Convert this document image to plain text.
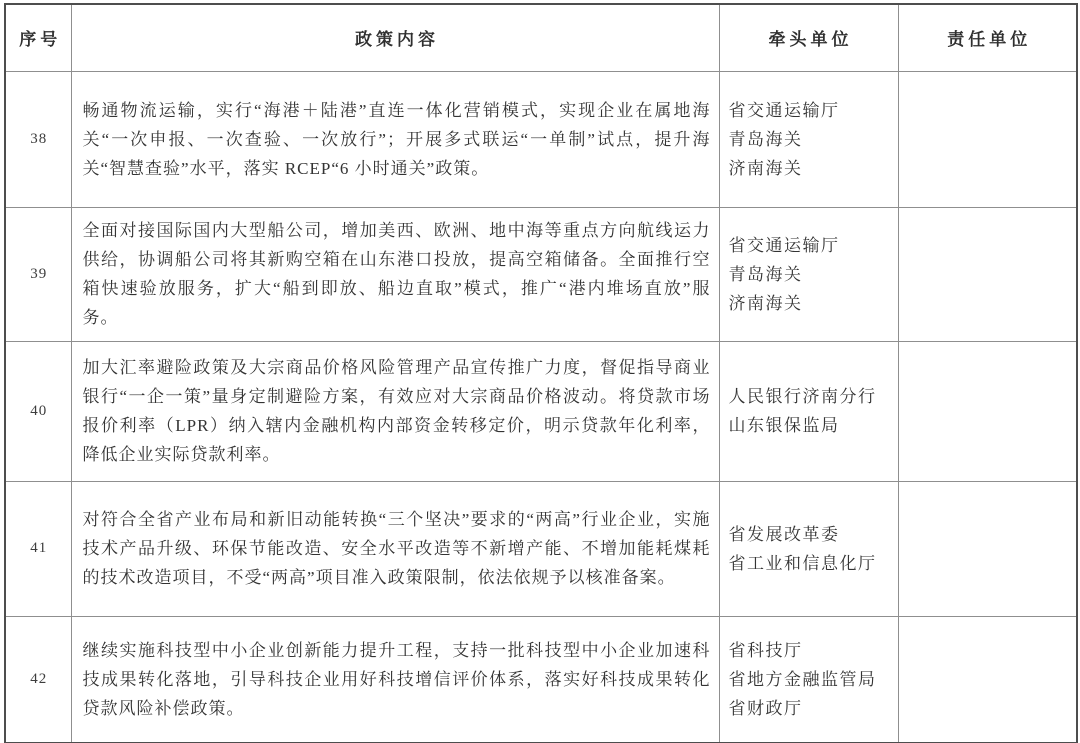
序号	政策内容	牵头单位	责任单位
38	畅通物流运输，实行“海港＋陆港”直连一体化营销模式，实现企业在属地海关“一次申报、一次查验、一次放行”；开展多式联运“一单制”试点，提升海关“智慧查验”水平，落实 RCEP“6 小时通关”政策。	省交通运输厅
青岛海关
济南海关	

39	全面对接国际国内大型船公司，增加美西、欧洲、地中海等重点方向航线运力供给，协调船公司将其新购空箱在山东港口投放，提高空箱储备。全面推行空箱快速验放服务，扩大“船到即放、船边直取”模式，推广“港内堆场直放”服务。	省交通运输厅
青岛海关
济南海关	

40	加大汇率避险政策及大宗商品价格风险管理产品宣传推广力度，督促指导商业银行“一企一策”量身定制避险方案，有效应对大宗商品价格波动。将贷款市场报价利率（LPR）纳入辖内金融机构内部资金转移定价，明示贷款年化利率，降低企业实际贷款利率。	人民银行济南分行
山东银保监局	

41	对符合全省产业布局和新旧动能转换“三个坚决”要求的“两高”行业企业，实施技术产品升级、环保节能改造、安全水平改造等不新增产能、不增加能耗煤耗的技术改造项目，不受“两高”项目准入政策限制，依法依规予以核准备案。	省发展改革委
省工业和信息化厅	

42	继续实施科技型中小企业创新能力提升工程，支持一批科技型中小企业加速科技成果转化落地，引导科技企业用好科技增信评价体系，落实好科技成果转化贷款风险补偿政策。	省科技厅
省地方金融监管局
省财政厅	
